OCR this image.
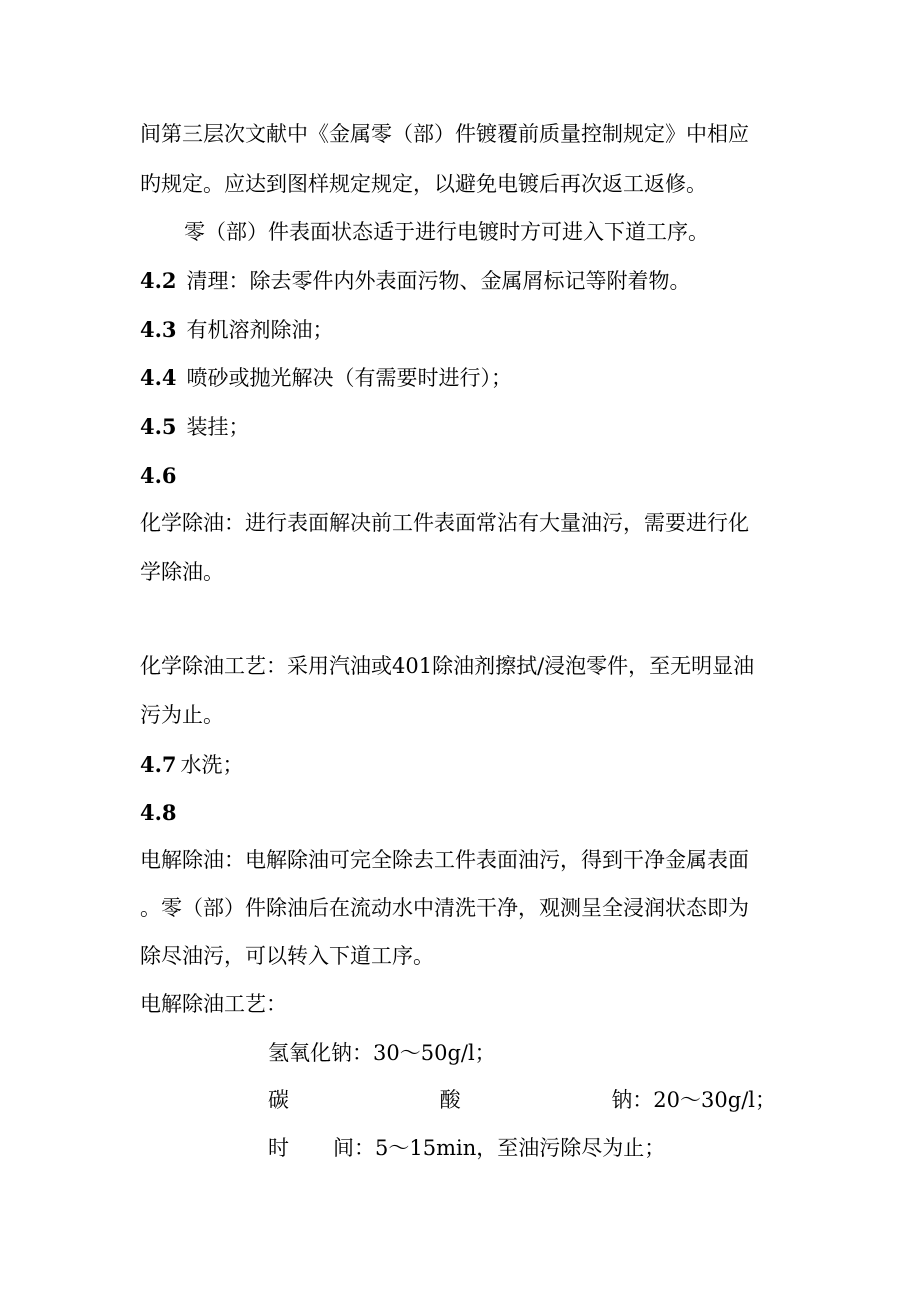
间第三层次文献中《金属零（部）件镀覆前质量控制规定》中相应
旳规定。应达到图样规定规定，以避免电镀后再次返工返修。
零（部）件表面状态适于进行电镀时方可进入下道工序。
4.2 清理：除去零件内外表面污物、金属屑标记等附着物。
4.3 有机溶剂除油；
4.4 喷砂或抛光解决（有需要时进行）；
4.5 装挂；
4.6
化学除油：进行表面解决前工件表面常沾有大量油污，需要进行化
学除油。
化学除油工艺：采用汽油或401除油剂擦拭/浸泡零件，至无明显油
污为止。
4.7 水洗；
4.8
电解除油：电解除油可完全除去工件表面油污，得到干净金属表面
。零（部）件除油后在流动水中清洗干净，观测呈全浸润状态即为
除尽油污，可以转入下道工序。
电解除油工艺：
氢氧化钠：30～50g/l；
碳	酸	钠：20～30g/l；
时 间：5～15min，至油污除尽为止；
